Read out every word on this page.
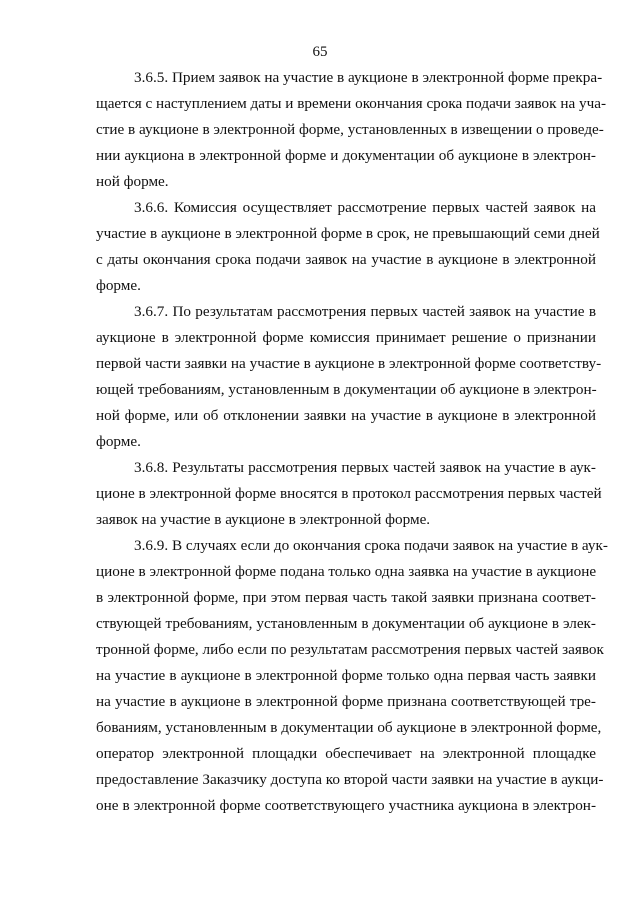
65
3.6.5. Прием заявок на участие в аукционе в электронной форме прекра-
щается с наступлением даты и времени окончания срока подачи заявок на уча-
стие в аукционе в электронной форме, установленных в извещении о проведе-
нии аукциона в электронной форме и документации об аукционе в электрон-
ной форме.
3.6.6. Комиссия осуществляет рассмотрение первых частей заявок на
участие в аукционе в электронной форме в срок, не превышающий семи дней
с даты окончания срока подачи заявок на участие в аукционе в электронной
форме.
3.6.7. По результатам рассмотрения первых частей заявок на участие в
аукционе в электронной форме комиссия принимает решение о признании
первой части заявки на участие в аукционе в электронной форме соответству-
ющей требованиям, установленным в документации об аукционе в электрон-
ной форме, или об отклонении заявки на участие в аукционе в электронной
форме.
3.6.8. Результаты рассмотрения первых частей заявок на участие в аук-
ционе в электронной форме вносятся в протокол рассмотрения первых частей
заявок на участие в аукционе в электронной форме.
3.6.9. В случаях если до окончания срока подачи заявок на участие в аук-
ционе в электронной форме подана только одна заявка на участие в аукционе
в электронной форме, при этом первая часть такой заявки признана соответ-
ствующей требованиям, установленным в документации об аукционе в элек-
тронной форме, либо если по результатам рассмотрения первых частей заявок
на участие в аукционе в электронной форме только одна первая часть заявки
на участие в аукционе в электронной форме признана соответствующей тре-
бованиям, установленным в документации об аукционе в электронной форме,
оператор электронной площадки обеспечивает на электронной площадке
предоставление Заказчику доступа ко второй части заявки на участие в аукци-
оне в электронной форме соответствующего участника аукциона в электрон-
